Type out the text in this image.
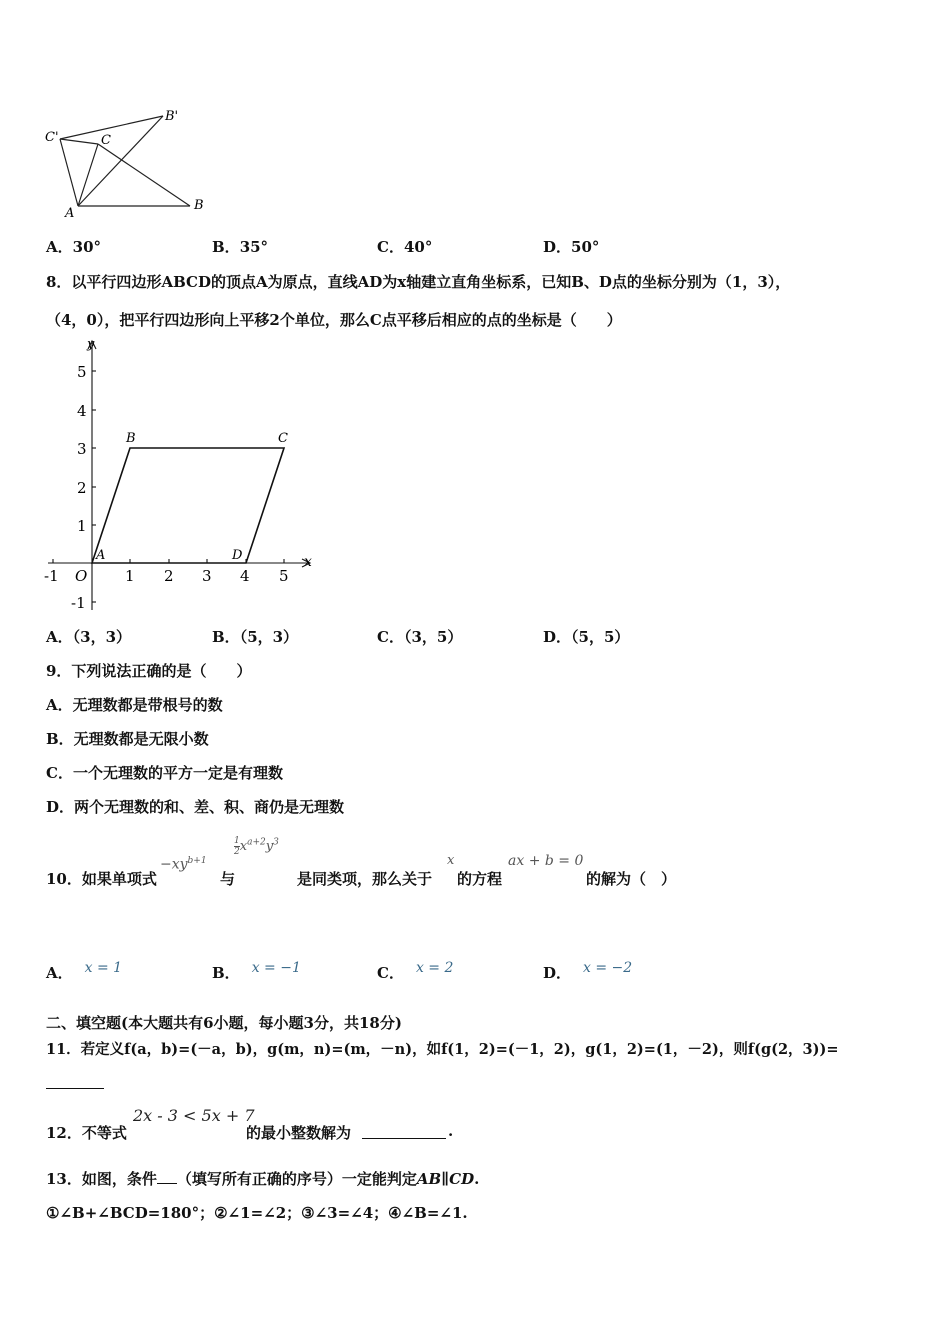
C'	C
B'
A
B
A．30°	B．35°	C．40°	D．50°
8．以平行四边形ABCD的顶点A为原点，直线AD为x轴建立直角坐标系，已知B、D点的坐标分别为（1，3），
（4，0），把平行四边形向上平移2个单位，那么C点平移后相应的点的坐标是（　　）
x
y
O
-1	1 2 3 4 5
5
4
3
2
1
-1
A
B	C
D
A．（3，3）	B．（5，3）	C．（3，5）	D．（5，5）
9．下列说法正确的是（　　）
A．无理数都是带根号的数
B．无理数都是无限小数
C．一个无理数的平方一定是有理数
D．两个无理数的和、差、积、商仍是无理数
10．如果单项式
$-xy^{b+1}$
与
$\frac{1}{2} x^{a+2}y^3$
是同类项，那么关于
x
的方程
ax + b = 0
的解为（　）
A． x = 1	B． x = −1	C． x = 2	D． x = −2
二、填空题(本大题共有6小题，每小题3分，共18分)
11．若定义f(a，b)=(－a，b)，g(m，n)=(m，－n)，如f(1，2)=(－1，2)，g(1，2)=(1，－2)，则f(g(2，3))=
12．不等式
2x - 3 < 5x + 7
的最小整数解为	.
13．如图，条件 （填写所有正确的序号）一定能判定AB∥CD.
①∠B+∠BCD=180°；②∠1=∠2；③∠3=∠4；④∠B=∠1.
